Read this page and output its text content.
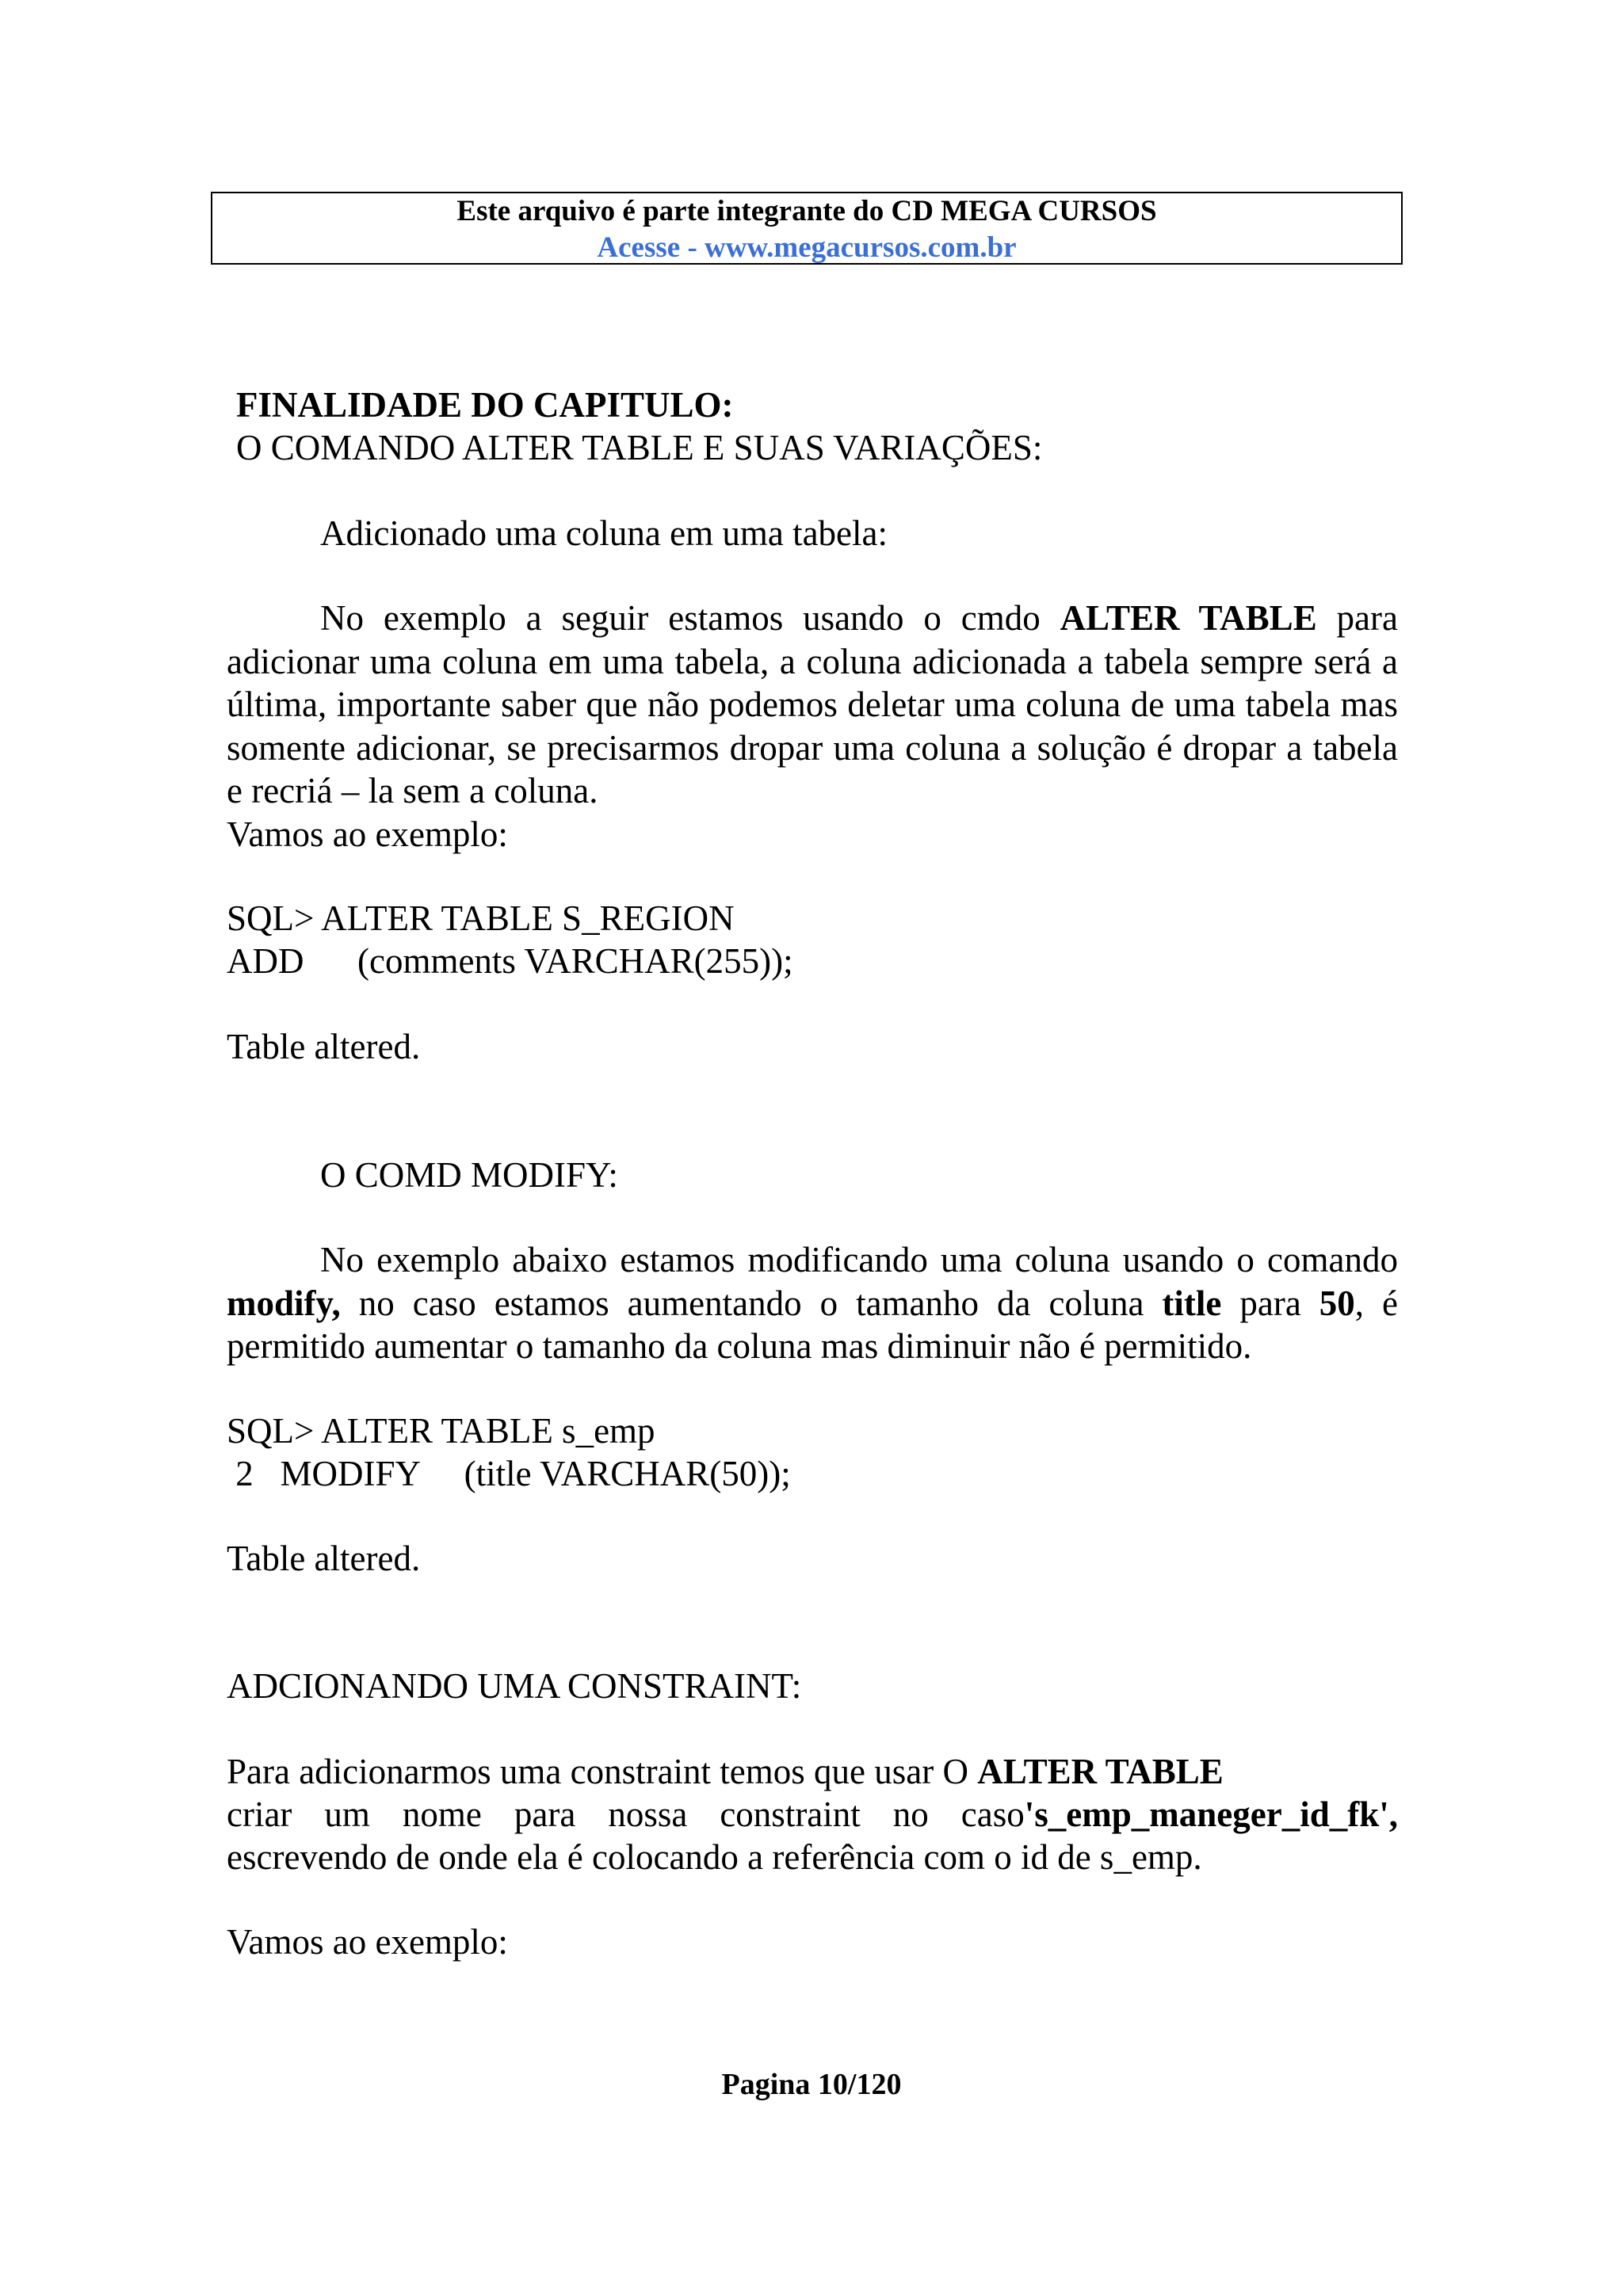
Este arquivo é parte integrante do CD MEGA CURSOS
Acesse - www.megacursos.com.br
FINALIDADE DO CAPITULO:
O COMANDO ALTER TABLE E SUAS VARIAÇÕES:
Adicionado uma coluna em uma tabela:
No exemplo a seguir estamos usando o cmdo ALTER TABLE para adicionar uma coluna em uma tabela, a coluna adicionada a tabela sempre será a última, importante saber que não podemos deletar uma coluna de uma tabela mas somente adicionar, se precisarmos dropar uma coluna a solução é dropar a tabela e recriá – la sem a coluna.
Vamos ao exemplo:
SQL> ALTER TABLE S_REGION
ADD      (comments VARCHAR(255));
Table altered.
O COMD MODIFY:
No exemplo abaixo estamos modificando uma coluna usando o comando modify, no caso estamos aumentando o tamanho da coluna title para 50, é permitido aumentar o tamanho da coluna mas diminuir não é permitido.
SQL> ALTER TABLE s_emp
2   MODIFY     (title VARCHAR(50));
Table altered.
ADCIONANDO UMA CONSTRAINT:
Para adicionarmos uma constraint temos que usar O ALTER TABLE
criar um nome para nossa constraint no caso's_emp_maneger_id_fk',
escrevendo de onde ela é colocando a referência com o id de s_emp.
Vamos ao exemplo:
Pagina 10/120
